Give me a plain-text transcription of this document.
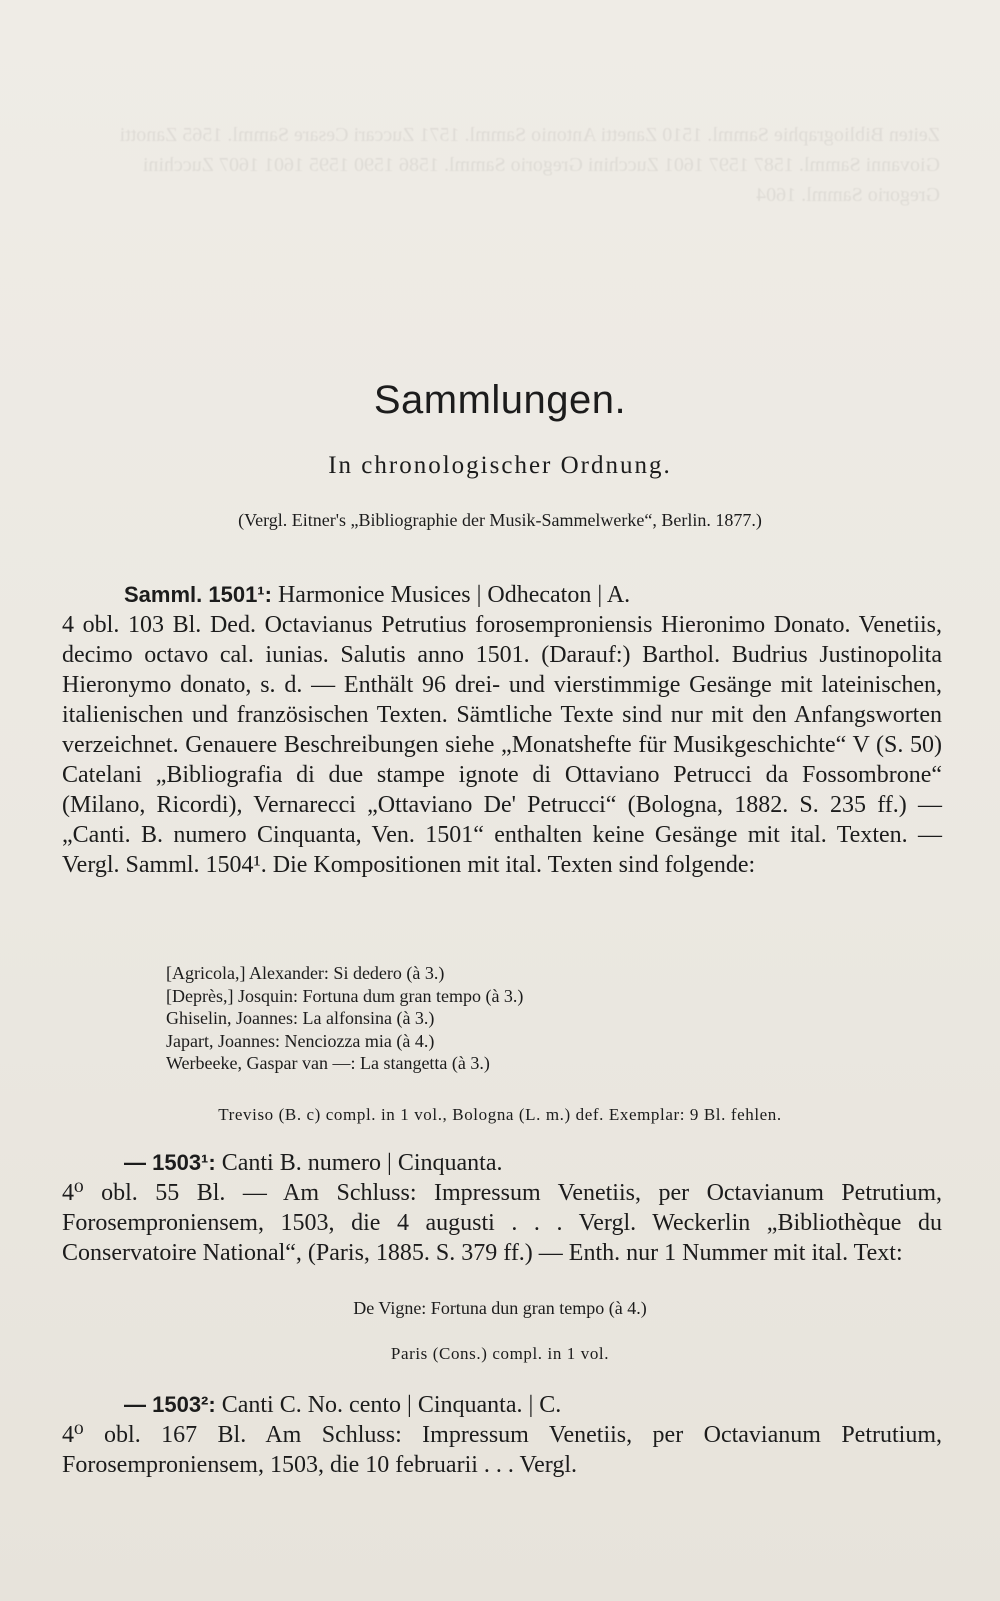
Zeiten Bibliographie Samml. 1510 Zanetti Antonio Samml. 1571 Zuccari Cesare Samml. 1565 Zanotti Giovanni Samml. 1587 1597 1601 Zucchini Gregorio Samml. 1586 1590 1595 1601 1607 Zucchini Gregorio Samml. 1604
Sammlungen.
In chronologischer Ordnung.
(Vergl. Eitner's „Bibliographie der Musik-Sammelwerke“, Berlin. 1877.)

Samml. 1501¹: Harmonice Musices | Odhecaton | A.

4 obl. 103 Bl. Ded. Octavianus Petrutius forosemproniensis Hieronimo Donato. Venetiis, decimo octavo cal. iunias. Salutis anno 1501. (Darauf:) Barthol. Budrius Justinopolita Hieronymo donato, s. d. — Enthält 96 drei- und vierstimmige Gesänge mit lateinischen, italienischen und französischen Texten. Sämtliche Texte sind nur mit den Anfangsworten verzeichnet. Genauere Beschreibungen siehe „Monatshefte für Musikgeschichte“ V (S. 50) Catelani „Bibliografia di due stampe ignote di Ottaviano Petrucci da Fossombrone“ (Milano, Ricordi), Vernarecci „Ottaviano De' Petrucci“ (Bologna, 1882. S. 235 ff.) — „Canti. B. numero Cinquanta, Ven. 1501“ enthalten keine Gesänge mit ital. Texten. — Vergl. Samml. 1504¹. Die Kompositionen mit ital. Texten sind folgende:

[Agricola,] Alexander: Si dedero (à 3.)
[Deprès,] Josquin: Fortuna dum gran tempo (à 3.)
Ghiselin, Joannes: La alfonsina (à 3.)
Japart, Joannes: Nenciozza mia (à 4.)
Werbeeke, Gaspar van —: La stangetta (à 3.)
Treviso (B. c) compl. in 1 vol., Bologna (L. m.) def. Exemplar: 9 Bl. fehlen.

— 1503¹: Canti B. numero | Cinquanta.

4⁰ obl. 55 Bl. — Am Schluss: Impressum Venetiis, per Octavianum Petrutium, Forosemproniensem, 1503, die 4 augusti . . . Vergl. Weckerlin „Bibliothèque du Conservatoire National“, (Paris, 1885. S. 379 ff.) — Enth. nur 1 Nummer mit ital. Text:

De Vigne: Fortuna dun gran tempo (à 4.)
Paris (Cons.) compl. in 1 vol.

— 1503²: Canti C. No. cento | Cinquanta. | C.

4⁰ obl. 167 Bl. Am Schluss: Impressum Venetiis, per Octavianum Petrutium, Forosemproniensem, 1503, die 10 februarii . . . Vergl.
